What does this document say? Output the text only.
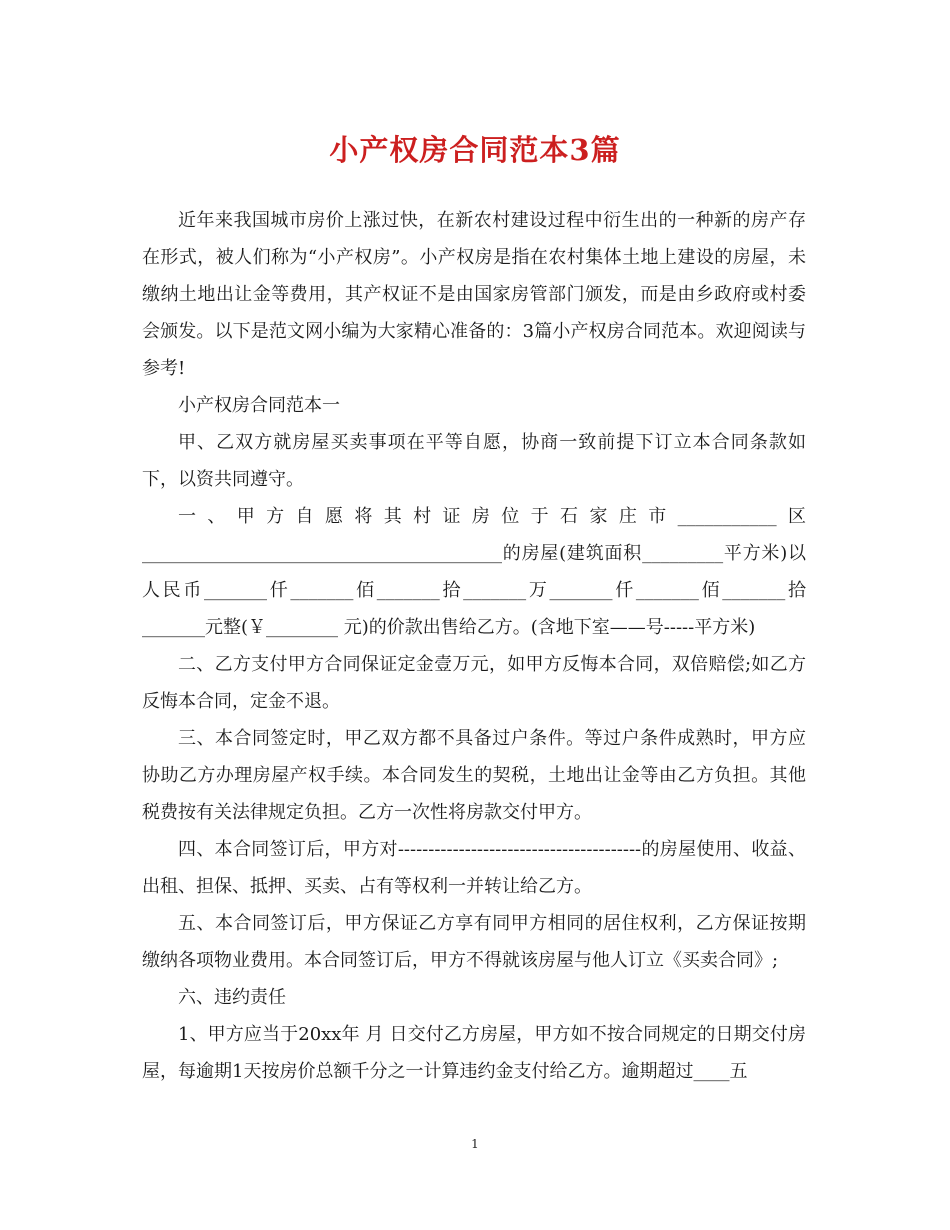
小产权房合同范本3篇

近年来我国城市房价上涨过快，在新农村建设过程中衍生出的一种新的房产存在形式，被人们称为“小产权房”。小产权房是指在农村集体土地上建设的房屋，未缴纳土地出让金等费用，其产权证不是由国家房管部门颁发，而是由乡政府或村委会颁发。以下是范文网小编为大家精心准备的：3篇小产权房合同范本。欢迎阅读与参考!

小产权房合同范本一

甲、乙双方就房屋买卖事项在平等自愿，协商一致前提下订立本合同条款如下，以资共同遵守。

一、甲方自愿将其村证房位于石家庄市___________区________________________________________的房屋(建筑面积_________平方米)以人民币_______仟_______佰_______拾_______万_______仟_______佰_______拾_______元整(￥________ 元)的价款出售给乙方。(含地下室——号-----平方米)

二、乙方支付甲方合同保证定金壹万元，如甲方反悔本合同，双倍赔偿;如乙方反悔本合同，定金不退。

三、本合同签定时，甲乙双方都不具备过户条件。等过户条件成熟时，甲方应协助乙方办理房屋产权手续。本合同发生的契税，土地出让金等由乙方负担。其他税费按有关法律规定负担。乙方一次性将房款交付甲方。

四、本合同签订后，甲方对----------------------------------------的房屋使用、收益、出租、担保、抵押、买卖、占有等权利一并转让给乙方。

五、本合同签订后，甲方保证乙方享有同甲方相同的居住权利，乙方保证按期缴纳各项物业费用。本合同签订后，甲方不得就该房屋与他人订立《买卖合同》;

六、违约责任

1、甲方应当于20xx年 月 日交付乙方房屋，甲方如不按合同规定的日期交付房屋，每逾期1天按房价总额千分之一计算违约金支付给乙方。逾期超过____五

1
